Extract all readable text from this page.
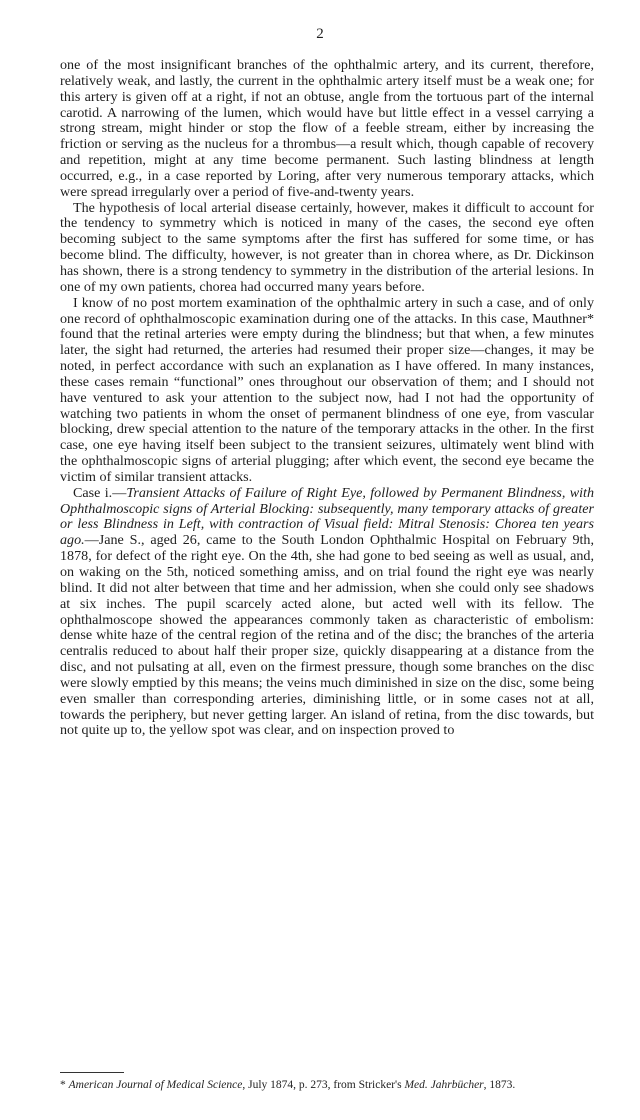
2

one of the most insignificant branches of the ophthalmic artery, and its current, therefore, relatively weak, and lastly, the current in the ophthalmic artery itself must be a weak one; for this artery is given off at a right, if not an obtuse, angle from the tortuous part of the internal carotid. A narrowing of the lumen, which would have but little effect in a vessel carrying a strong stream, might hinder or stop the flow of a feeble stream, either by increasing the friction or serving as the nucleus for a thrombus—a result which, though capable of recovery and repetition, might at any time become permanent. Such lasting blindness at length occurred, e.g., in a case reported by Loring, after very numerous temporary attacks, which were spread irregularly over a period of five-and-twenty years.

The hypothesis of local arterial disease certainly, however, makes it difficult to account for the tendency to symmetry which is noticed in many of the cases, the second eye often becoming subject to the same symptoms after the first has suffered for some time, or has become blind. The difficulty, however, is not greater than in chorea where, as Dr. Dickinson has shown, there is a strong tendency to symmetry in the distribution of the arterial lesions. In one of my own patients, chorea had occurred many years before.

I know of no post mortem examination of the ophthalmic artery in such a case, and of only one record of ophthalmoscopic examination during one of the attacks. In this case, Mauthner* found that the retinal arteries were empty during the blindness; but that when, a few minutes later, the sight had returned, the arteries had resumed their proper size—changes, it may be noted, in perfect accordance with such an explanation as I have offered. In many instances, these cases remain “functional” ones throughout our observation of them; and I should not have ventured to ask your attention to the subject now, had I not had the opportunity of watching two patients in whom the onset of permanent blindness of one eye, from vascular blocking, drew special attention to the nature of the temporary attacks in the other. In the first case, one eye having itself been subject to the transient seizures, ultimately went blind with the ophthalmoscopic signs of arterial plugging; after which event, the second eye became the victim of similar transient attacks.

Case i.—Transient Attacks of Failure of Right Eye, followed by Permanent Blindness, with Ophthalmoscopic signs of Arterial Blocking: subsequently, many temporary attacks of greater or less Blindness in Left, with contraction of Visual field: Mitral Stenosis: Chorea ten years ago.—Jane S., aged 26, came to the South London Ophthalmic Hospital on February 9th, 1878, for defect of the right eye. On the 4th, she had gone to bed seeing as well as usual, and, on waking on the 5th, noticed something amiss, and on trial found the right eye was nearly blind. It did not alter between that time and her admission, when she could only see shadows at six inches. The pupil scarcely acted alone, but acted well with its fellow. The ophthalmoscope showed the appearances commonly taken as characteristic of embolism: dense white haze of the central region of the retina and of the disc; the branches of the arteria centralis reduced to about half their proper size, quickly disappearing at a distance from the disc, and not pulsating at all, even on the firmest pressure, though some branches on the disc were slowly emptied by this means; the veins much diminished in size on the disc, some being even smaller than corresponding arteries, diminishing little, or in some cases not at all, towards the periphery, but never getting larger. An island of retina, from the disc towards, but not quite up to, the yellow spot was clear, and on inspection proved to

* American Journal of Medical Science, July 1874, p. 273, from Stricker's Med. Jahrbücher, 1873.
